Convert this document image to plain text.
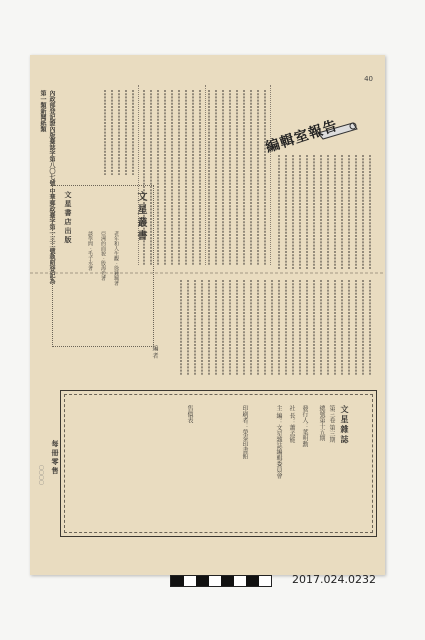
40
內政部登記證內版臺誌字第八〇七號 中華郵政臺字第一三二號執照登記為第一類新聞紙類
編輯室報告
編 者
文星叢書
老年和人生觀 ‧ 徐鍾珮著
亞洲的面貌 ‧ 殷海光著
談學問 ‧ 毛子水著
文星書店出版
文星雜誌
第三卷 第三期
總號第十五期
發行人：葉明勳
社 長：蕭孟能
主 編：文星雜誌編輯委員會
印刷者：榮泰印書館
售價表
每冊零售
〇〇〇〇
2017.024.0232
